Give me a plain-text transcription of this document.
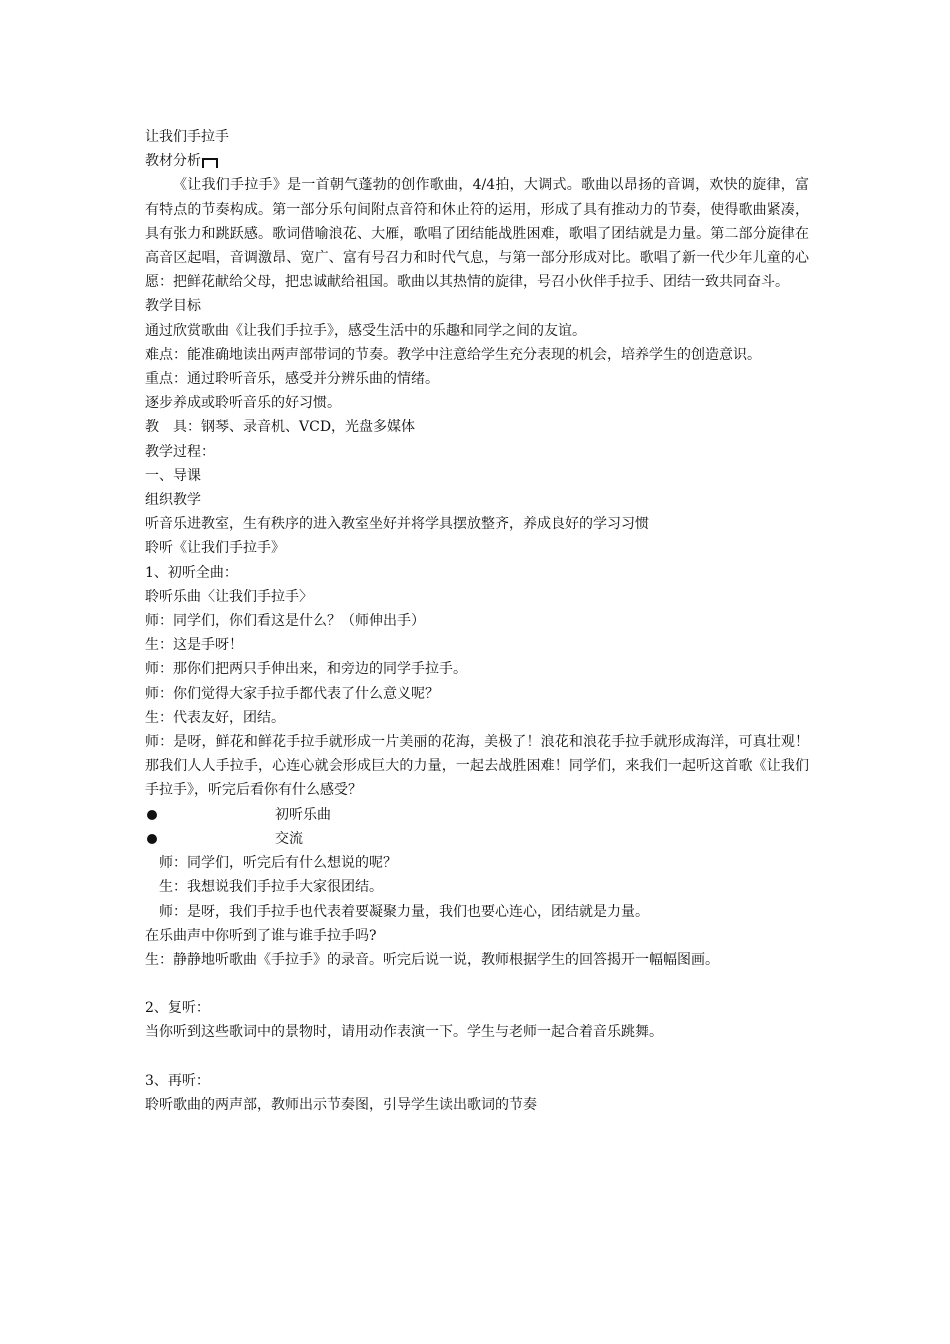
让我们手拉手
教材分析
《让我们手拉手》是一首朝气蓬勃的创作歌曲，4/4拍，大调式。歌曲以昂扬的音调，欢快的旋律，富有特点的节奏构成。第一部分乐句间附点音符和休止符的运用，形成了具有推动力的节奏，使得歌曲紧凑，具有张力和跳跃感。歌词借喻浪花、大雁，歌唱了团结能战胜困难，歌唱了团结就是力量。第二部分旋律在高音区起唱，音调激昂、宽广、富有号召力和时代气息，与第一部分形成对比。歌唱了新一代少年儿童的心愿：把鲜花献给父母，把忠诚献给祖国。歌曲以其热情的旋律，号召小伙伴手拉手、团结一致共同奋斗。
教学目标
通过欣赏歌曲《让我们手拉手》，感受生活中的乐趣和同学之间的友谊。
难点：能准确地读出两声部带词的节奏。教学中注意给学生充分表现的机会，培养学生的创造意识。
重点：通过聆听音乐，感受并分辨乐曲的情绪。
逐步养成或聆听音乐的好习惯。
教　具：钢琴、录音机、VCD，光盘多媒体
教学过程：
一、导课
组织教学
听音乐进教室，生有秩序的进入教室坐好并将学具摆放整齐，养成良好的学习习惯
聆听《让我们手拉手》
1、初听全曲：
聆听乐曲〈让我们手拉手〉
师：同学们，你们看这是什么？（师伸出手）
生：这是手呀！
师：那你们把两只手伸出来，和旁边的同学手拉手。
师：你们觉得大家手拉手都代表了什么意义呢？
生：代表友好，团结。
师：是呀，鲜花和鲜花手拉手就形成一片美丽的花海，美极了！浪花和浪花手拉手就形成海洋，可真壮观！那我们人人手拉手，心连心就会形成巨大的力量，一起去战胜困难！同学们，来我们一起听这首歌《让我们手拉手》，听完后看你有什么感受？
初听乐曲
交流
师：同学们，听完后有什么想说的呢？
生：我想说我们手拉手大家很团结。
师：是呀，我们手拉手也代表着要凝聚力量，我们也要心连心，团结就是力量。
在乐曲声中你听到了谁与谁手拉手吗?
生：静静地听歌曲《手拉手》的录音。听完后说一说，教师根据学生的回答揭开一幅幅图画。
2、复听：
当你听到这些歌词中的景物时，请用动作表演一下。学生与老师一起合着音乐跳舞。
3、再听：
聆听歌曲的两声部，教师出示节奏图，引导学生读出歌词的节奏
